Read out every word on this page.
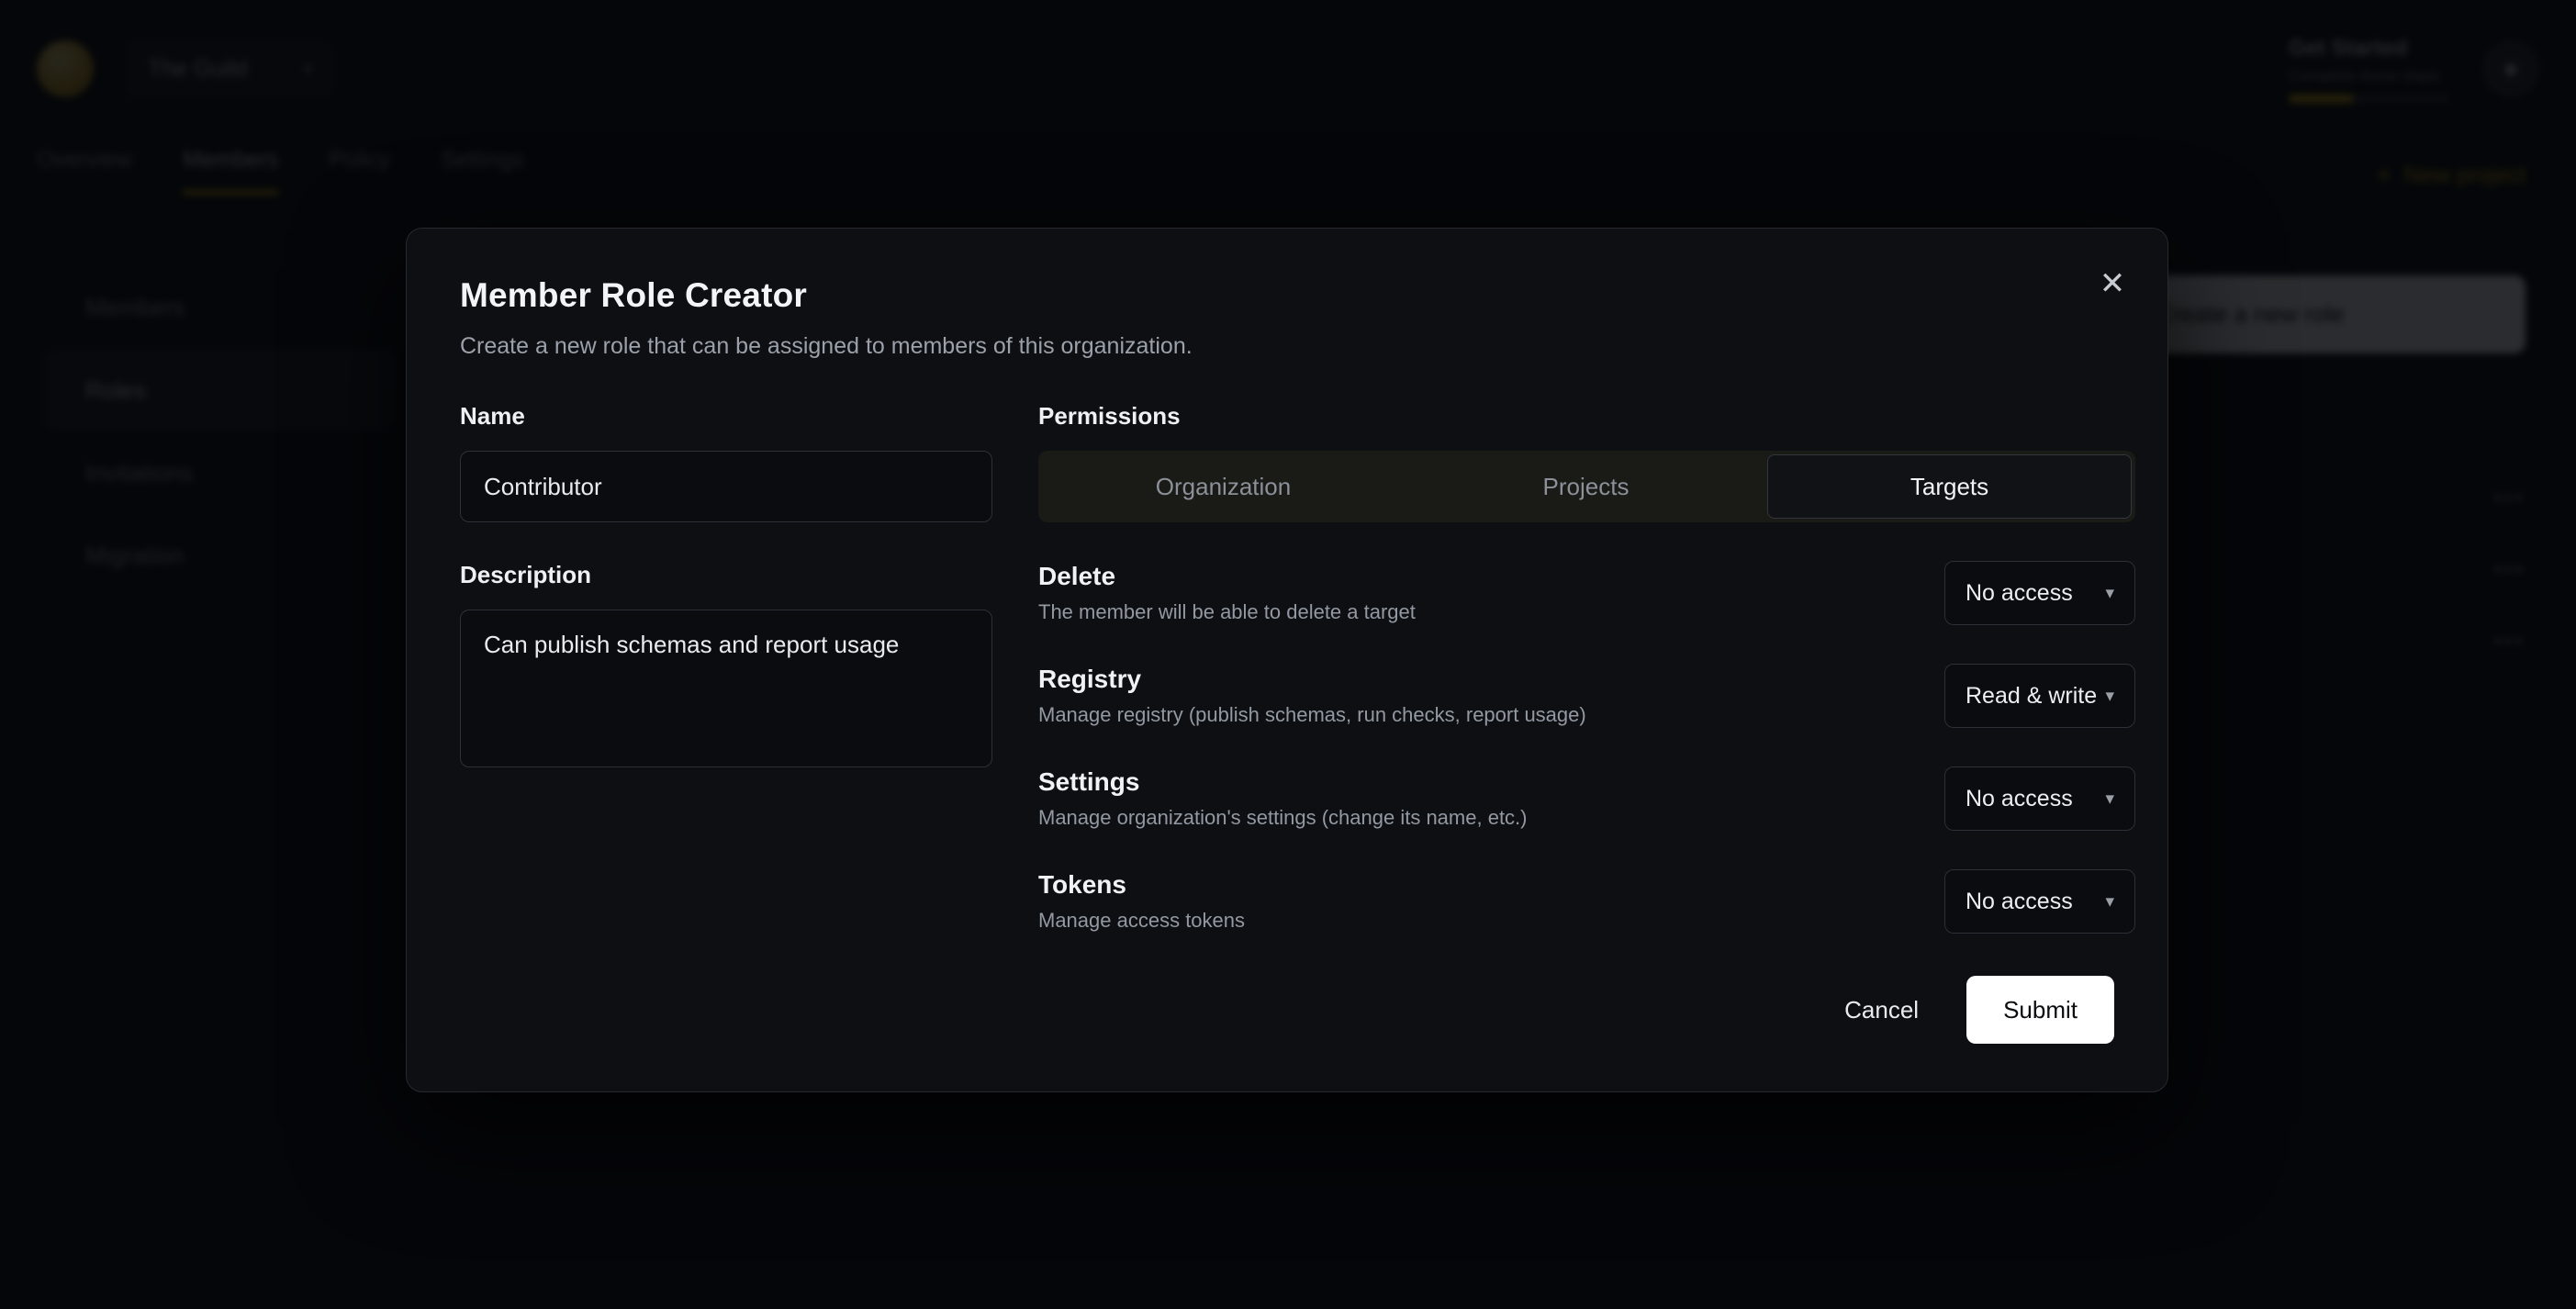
✕
Member Role Creator
Create a new role that can be assigned to members of this organization.
Name
Contributor
Description
Can publish schemas and report usage
Permissions
Organization	Projects	Targets
Delete
The member will be able to delete a target
No access ▾
Registry
Manage registry (publish schemas, run checks, report usage)
Read & write ▾
Settings
Manage organization's settings (change its name, etc.)
No access ▾
Tokens
Manage access tokens
No access ▾
Cancel	Submit
